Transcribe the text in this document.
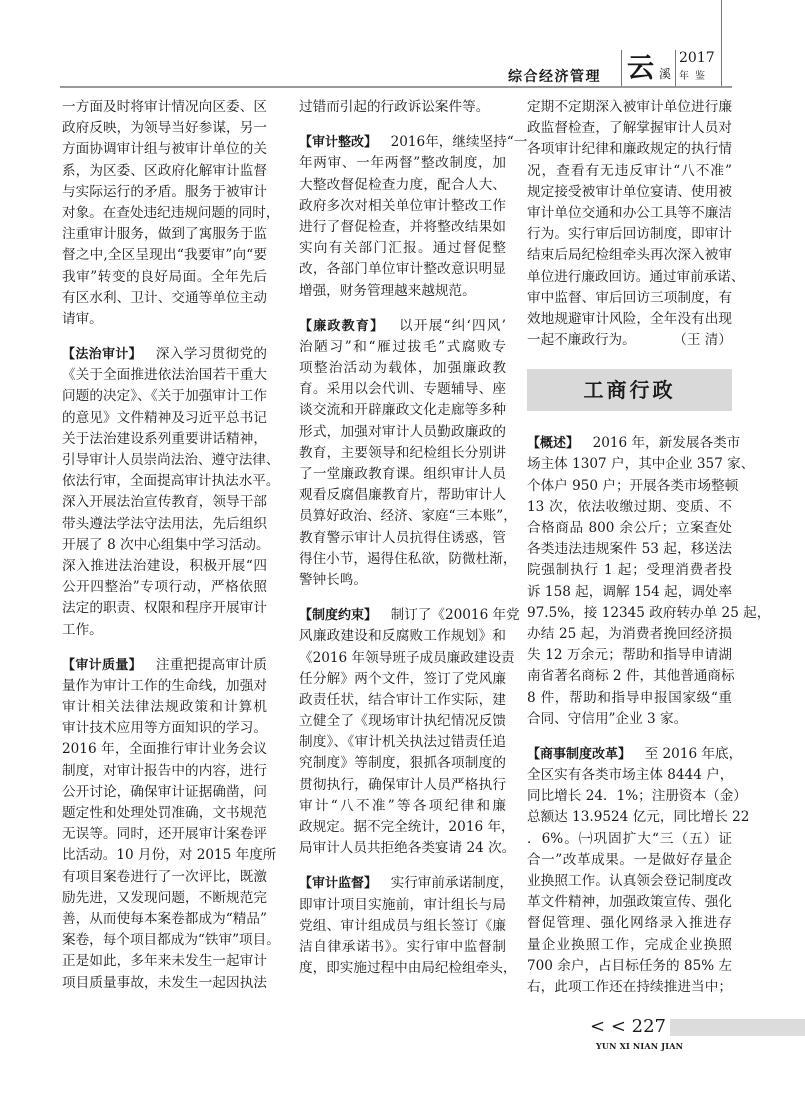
综合经济管理 云 溪
2017
年鉴
一方面及时将审计情况向区委、区
政府反映，为领导当好参谋，另一
方面协调审计组与被审计单位的关
系，为区委、区政府化解审计监督
与实际运行的矛盾。服务于被审计
对象。在查处违纪违规问题的同时，
注重审计服务，做到了寓服务于监
督之中,全区呈现出“我要审”向“要
我审”转变的良好局面。全年先后
有区水利、卫计、交通等单位主动
请审。
【法治审计】  深入学习贯彻党的
《关于全面推进依法治国若干重大
问题的决定》、《关于加强审计工作
的意见》文件精神及习近平总书记
关于法治建设系列重要讲话精神，
引导审计人员崇尚法治、遵守法律、
依法行审，全面提高审计执法水平。
深入开展法治宣传教育，领导干部
带头遵法学法守法用法，先后组织
开展了 8 次中心组集中学习活动。
深入推进法治建设，积极开展“四
公开四整治”专项行动，严格依照
法定的职责、权限和程序开展审计
工作。
【审计质量】  注重把提高审计质
量作为审计工作的生命线，加强对
审计相关法律法规政策和计算机
审计技术应用等方面知识的学习。
2016 年，全面推行审计业务会议
制度，对审计报告中的内容，进行
公开讨论，确保审计证据确凿，问
题定性和处理处罚准确，文书规范
无误等。同时，还开展审计案卷评
比活动。10 月份，对 2015 年度所
有项目案卷进行了一次评比，既激
励先进，又发现问题，不断规范完
善，从而使每本案卷都成为“精品”
案卷，每个项目都成为“铁审”项目。
正是如此，多年来未发生一起审计
项目质量事故，未发生一起因执法
过错而引起的行政诉讼案件等。
【审计整改】  2016年，继续坚持“一
年两审、一年两督”整改制度，加
大整改督促检查力度，配合人大、
政府多次对相关单位审计整改工作
进行了督促检查，并将整改结果如
实向有关部门汇报。通过督促整
改，各部门单位审计整改意识明显
增强，财务管理越来越规范。
【廉政教育】  以开展“纠‘四风’
治陋习”和“雁过拔毛”式腐败专
项整治活动为载体，加强廉政教
育。采用以会代训、专题辅导、座
谈交流和开辟廉政文化走廊等多种
形式，加强对审计人员勤政廉政的
教育，主要领导和纪检组长分别讲
了一堂廉政教育课。组织审计人员
观看反腐倡廉教育片，帮助审计人
员算好政治、经济、家庭“三本账”，
教育警示审计人员抗得住诱惑，管
得住小节，遏得住私欲，防微杜渐，
警钟长鸣。
【制度约束】  制订了《20016 年党
风廉政建设和反腐败工作规划》和
《2016 年领导班子成员廉政建设责
任分解》两个文件，签订了党风廉
政责任状，结合审计工作实际，建
立健全了《现场审计执纪情况反馈
制度》、《审计机关执法过错责任追
究制度》等制度，狠抓各项制度的
贯彻执行，确保审计人员严格执行
审计“八不准”等各项纪律和廉
政规定。据不完全统计，2016 年，
局审计人员共拒绝各类宴请 24 次。
【审计监督】  实行审前承诺制度，
即审计项目实施前，审计组长与局
党组、审计组成员与组长签订《廉
洁自律承诺书》。实行审中监督制
度，即实施过程中由局纪检组牵头，
定期不定期深入被审计单位进行廉
政监督检查，了解掌握审计人员对
各项审计纪律和廉政规定的执行情
况，查看有无违反审计“八不准”
规定接受被审计单位宴请、使用被
审计单位交通和办公工具等不廉洁
行为。实行审后回访制度，即审计
结束后局纪检组牵头再次深入被审
单位进行廉政回访。通过审前承诺、
审中监督、审后回访三项制度，有
效地规避审计风险，全年没有出现
一起不廉政行为。	（王 清）
工商行政
【概述】  2016 年，新发展各类市
场主体 1307 户，其中企业 357 家、
个体户 950 户；开展各类市场整顿
13 次，依法收缴过期、变质、不
合格商品 800 余公斤；立案查处
各类违法违规案件 53 起，移送法
院强制执行 1 起；受理消费者投
诉 158 起，调解 154 起，调处率
97.5%，接 12345 政府转办单 25 起，
办结 25 起，为消费者挽回经济损
失 12 万余元；帮助和指导申请湖
南省著名商标 2 件，其他普通商标
8 件，帮助和指导申报国家级“重
合同、守信用”企业 3 家。
【商事制度改革】  至 2016 年底，
全区实有各类市场主体 8444 户，
同比增长 24．1%；注册资本（金）
总额达 13.9524 亿元，同比增长 22
．6%。㈠巩固扩大“三（五）证
合一”改革成果。一是做好存量企
业换照工作。认真领会登记制度改
革文件精神，加强政策宣传、强化
督促管理、强化网络录入推进存
量企业换照工作，完成企业换照
700 余户，占目标任务的 85% 左
右，此项工作还在持续推进当中；
< < 227
YUN XI NIAN JIAN
